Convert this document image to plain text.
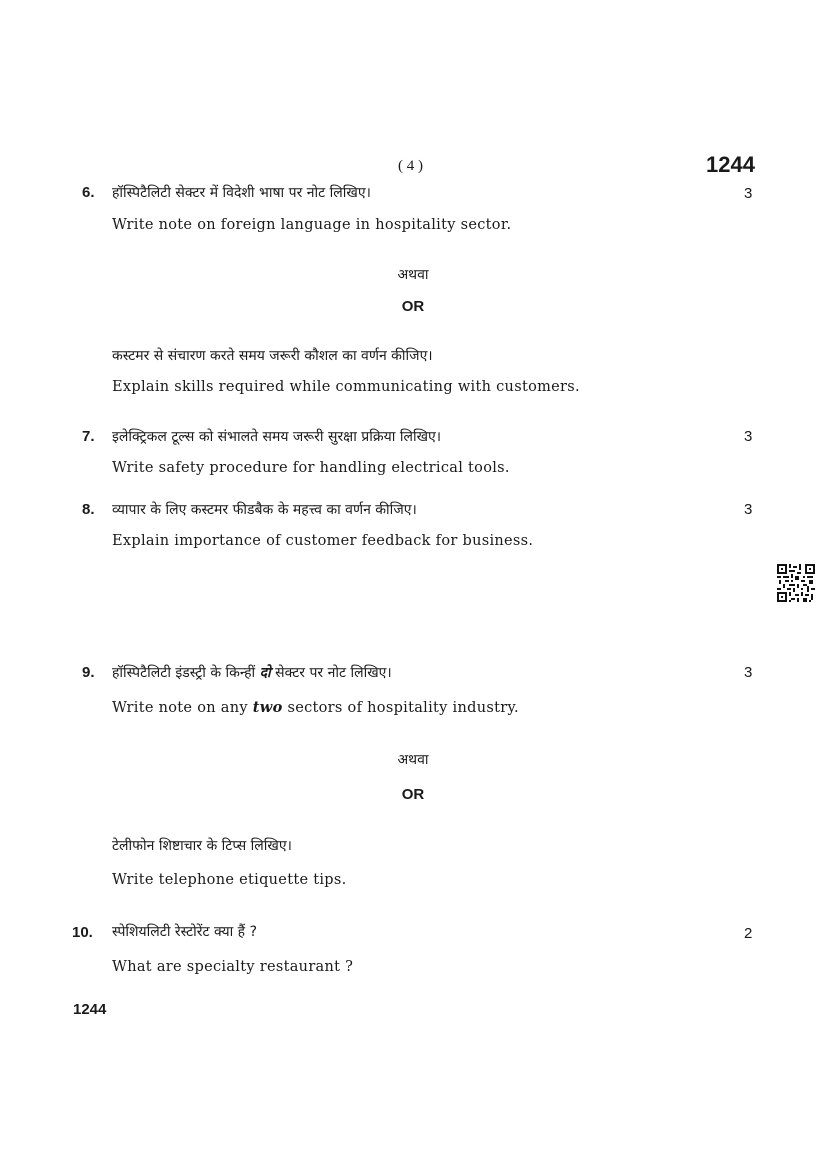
( 4 )	1244
6. हॉस्पिटैलिटी सेक्टर में विदेशी भाषा पर नोट लिखिए।	3
Write note on foreign language in hospitality sector.
अथवा
OR
कस्टमर से संचारण करते समय जरूरी कौशल का वर्णन कीजिए।
Explain skills required while communicating with customers.
7. इलेक्ट्रिकल टूल्स को संभालते समय जरूरी सुरक्षा प्रक्रिया लिखिए।	3
Write safety procedure for handling electrical tools.
8. व्यापार के लिए कस्टमर फीडबैक के महत्त्व का वर्णन कीजिए।	3
Explain importance of customer feedback for business.
9. हॉस्पिटैलिटी इंडस्ट्री के किन्हीं दो सेक्टर पर नोट लिखिए।	3
Write note on any two sectors of hospitality industry.
अथवा
OR
टेलीफोन शिष्टाचार के टिप्स लिखिए।
Write telephone etiquette tips.
10. स्पेशियलिटी रेस्टोरेंट क्या हैं ?	2
What are specialty restaurant ?
1244
